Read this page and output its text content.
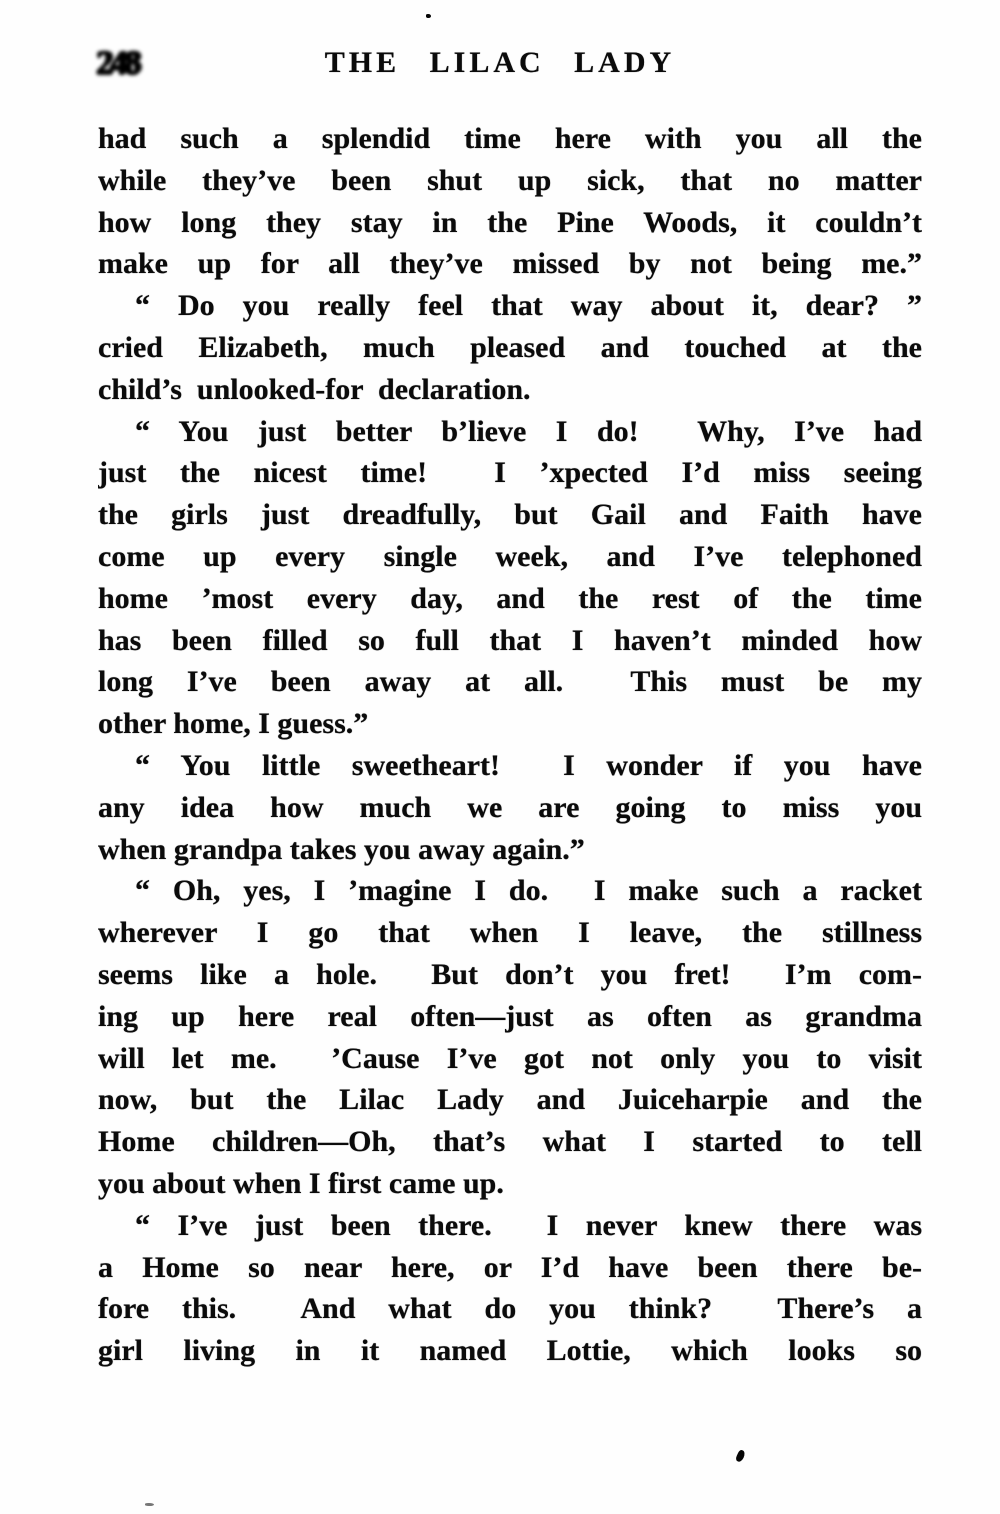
248	THE LILAC LADY
had such a splendid time here with you all the
while they’ve been shut up sick, that no matter
how long they stay in the Pine Woods, it couldn’t
make up for all they’ve missed by not being me.”
“ Do you really feel that way about it, dear? ”
cried Elizabeth, much pleased and touched at the
child’s  unlooked-for  declaration.
“ You just better b’lieve I do!  Why, I’ve had
just the nicest time!  I ’xpected I’d miss seeing
the girls just dreadfully, but Gail and Faith have
come up every single week, and I’ve telephoned
home ’most every day, and the rest of the time
has been filled so full that I haven’t minded how
long I’ve been away at all.  This must be my
other home, I guess.”
“ You little sweetheart!  I wonder if you have
any idea how much we are going to miss you
when grandpa takes you away again.”
“ Oh, yes, I ’magine I do.  I make such a racket
wherever I go that when I leave, the stillness
seems like a hole.  But don’t you fret!  I’m com-
ing up here real often—just as often as grandma
will let me.  ’Cause I’ve got not only you to visit
now, but the Lilac Lady and Juiceharpie and the
Home children—Oh, that’s what I started to tell
you about when I first came up.
“ I’ve just been there.  I never knew there was
a Home so near here, or I’d have been there be-
fore this.  And what do you think?  There’s a
girl living in it named Lottie, which looks so
